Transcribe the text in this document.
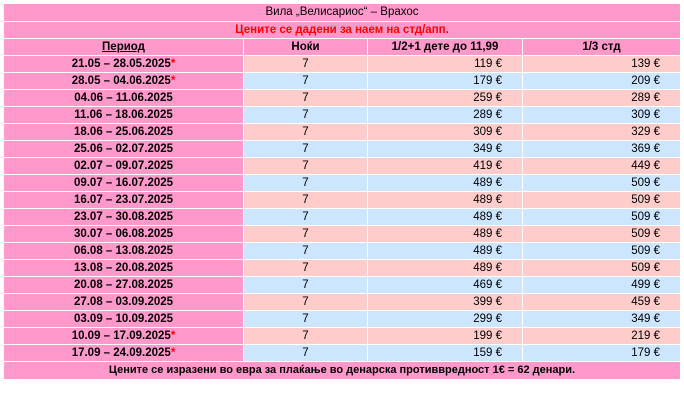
Вила „Велисариос“ – Врахос			
Цените се дадени за наем на стд/апп.			
Период	Ноќи	1/2+1 дете до 11,99	1/3 стд
21.05 – 28.05.2025*	7	119 €	139 €
28.05 – 04.06.2025*	7	179 €	209 €
04.06 – 11.06.2025	7	259 €	289 €
11.06 – 18.06.2025	7	289 €	309 €
18.06 – 25.06.2025	7	309 €	329 €
25.06 – 02.07.2025	7	349 €	369 €
02.07 – 09.07.2025	7	419 €	449 €
09.07 – 16.07.2025	7	489 €	509 €
16.07 – 23.07.2025	7	489 €	509 €
23.07 – 30.08.2025	7	489 €	509 €
30.07 – 06.08.2025	7	489 €	509 €
06.08 – 13.08.2025	7	489 €	509 €
13.08 – 20.08.2025	7	489 €	509 €
20.08 – 27.08.2025	7	469 €	499 €
27.08 – 03.09.2025	7	399 €	459 €
03.09 – 10.09.2025	7	299 €	349 €
10.09 – 17.09.2025*	7	199 €	219 €
17.09 – 24.09.2025*	7	159 €	179 €
Цените се изразени во евра за плаќање во денарска противвредност 1€ = 62 денари.			
